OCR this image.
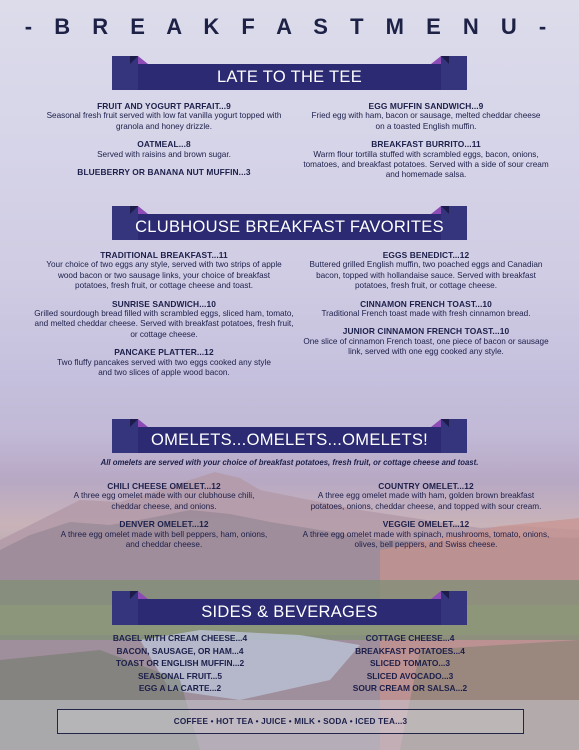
- B R E A K F A S T M E N U -
LATE TO THE TEE
FRUIT AND YOGURT PARFAIT...9
Seasonal fresh fruit served with low fat vanilla yogurt topped with granola and honey drizzle.
OATMEAL...8
Served with raisins and brown sugar.
BLUEBERRY OR BANANA NUT MUFFIN...3
EGG MUFFIN SANDWICH...9
Fried egg with ham, bacon or sausage, melted cheddar cheese on a toasted English muffin.
BREAKFAST BURRITO...11
Warm flour tortilla stuffed with scrambled eggs, bacon, onions, tomatoes, and breakfast potatoes. Served with a side of sour cream and homemade salsa.
CLUBHOUSE BREAKFAST FAVORITES
TRADITIONAL BREAKFAST...11
Your choice of two eggs any style, served with two strips of apple wood bacon or two sausage links, your choice of breakfast potatoes, fresh fruit, or cottage cheese and toast.
SUNRISE SANDWICH...10
Grilled sourdough bread filled with scrambled eggs, sliced ham, tomato, and melted cheddar cheese. Served with breakfast potatoes, fresh fruit, or cottage cheese.
PANCAKE PLATTER...12
Two fluffy pancakes served with two eggs cooked any style and two slices of apple wood bacon.
EGGS BENEDICT...12
Buttered grilled English muffin, two poached eggs and Canadian bacon, topped with hollandaise sauce. Served with breakfast potatoes, fresh fruit, or cottage cheese.
CINNAMON FRENCH TOAST...10
Traditional French toast made with fresh cinnamon bread.
JUNIOR CINNAMON FRENCH TOAST...10
One slice of cinnamon French toast, one piece of bacon or sausage link, served with one egg cooked any style.
OMELETS...OMELETS...OMELETS!
All omelets are served with your choice of breakfast potatoes, fresh fruit, or cottage cheese and toast.
CHILI CHEESE OMELET...12
A three egg omelet made with our clubhouse chili, cheddar cheese, and onions.
DENVER OMELET...12
A three egg omelet made with bell peppers, ham, onions, and cheddar cheese.
COUNTRY OMELET...12
A three egg omelet made with ham, golden brown breakfast potatoes, onions, cheddar cheese, and topped with sour cream.
VEGGIE OMELET...12
A three egg omelet made with spinach, mushrooms, tomato, onions, olives, bell peppers, and Swiss cheese.
SIDES & BEVERAGES
BAGEL WITH CREAM CHEESE...4
BACON, SAUSAGE, OR HAM...4
TOAST OR ENGLISH MUFFIN...2
SEASONAL FRUIT...5
EGG A LA CARTE...2
COTTAGE CHEESE...4
BREAKFAST POTATOES...4
SLICED TOMATO...3
SLICED AVOCADO...3
SOUR CREAM OR SALSA...2
COFFEE • HOT TEA • JUICE • MILK • SODA • ICED TEA...3
